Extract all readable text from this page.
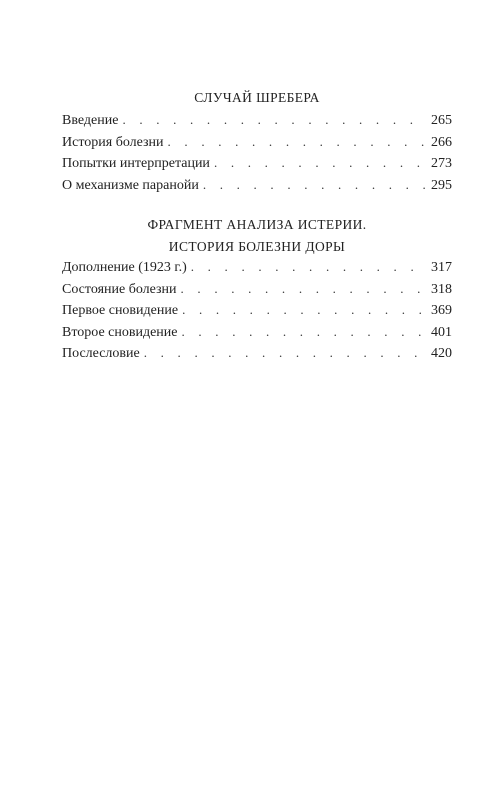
СЛУЧАЙ ШРЕБЕРА
Введение . . .	265
История болезни . . .	266
Попытки интерпретации . . .	273
О механизме паранойи . . .	295
ФРАГМЕНТ АНАЛИЗА ИСТЕРИИ.
ИСТОРИЯ БОЛЕЗНИ ДОРЫ
Дополнение (1923 г.) . . .	317
Состояние болезни . . .	318
Первое сновидение . . .	369
Второе сновидение . . .	401
Послесловие . . .	420
